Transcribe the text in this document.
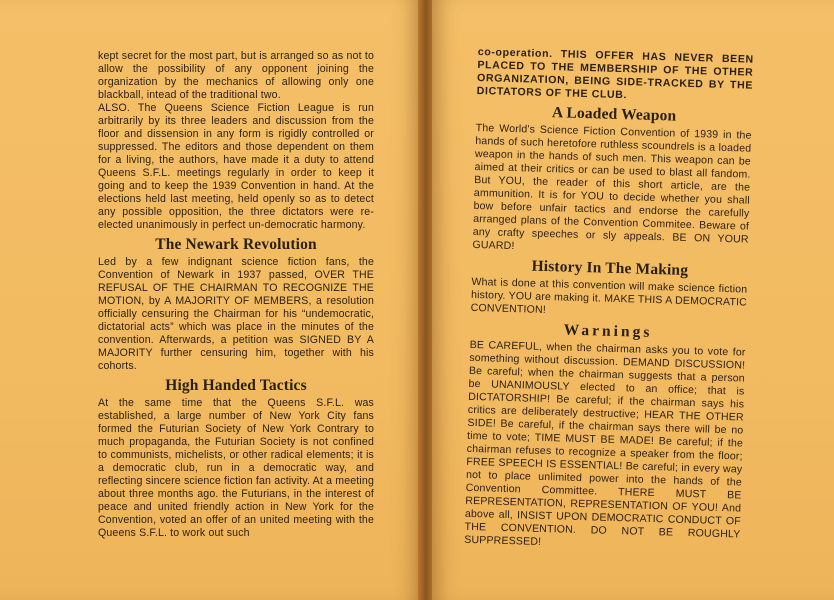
kept secret for the most part, but is arranged so as not to allow the possibility of any opponent joining the organization by the mechanics of allowing only one blackball, intead of the traditional two.

ALSO. The Queens Science Fiction League is run arbitrarily by its three leaders and discussion from the floor and dissension in any form is rigidly controlled or suppressed. The editors and those dependent on them for a living, the authors, have made it a duty to attend Queens S.F.L. meetings regularly in order to keep it going and to keep the 1939 Convention in hand. At the elections held last meeting, held openly so as to detect any possible opposition, the three dictators were re-elected unanimously in perfect un-democratic harmony.

The Newark Revolution

Led by a few indignant science fiction fans, the Convention of Newark in 1937 passed, OVER THE REFUSAL OF THE CHAIRMAN TO RECOGNIZE THE MOTION, by A MAJORITY OF MEMBERS, a resolution officially censuring the Chairman for his “undemocratic, dictatorial acts” which was place in the minutes of the convention. Afterwards, a petition was SIGNED BY A MAJORITY further censuring him, together with his cohorts.

High Handed Tactics

At the same time that the Queens S.F.L. was established, a large number of New York City fans formed the Futurian Society of New York Contrary to much propaganda, the Futurian Society is not confined to communists, michelists, or other radical elements; it is a democratic club, run in a democratic way, and reflecting sincere science fiction fan activity. At a meeting about three months ago. the Futurians, in the interest of peace and united friendly action in New York for the Convention, voted an offer of an united meeting with the Queens S.F.L. to work out such

co-operation. THIS OFFER HAS NEVER BEEN PLACED TO THE MEMBERSHIP OF THE OTHER ORGANIZATION, BEING SIDE-TRACKED BY THE DICTATORS OF THE CLUB.

A Loaded Weapon

The World's Science Fiction Convention of 1939 in the hands of such heretofore ruthless scoundrels is a loaded weapon in the hands of such men. This weapon can be aimed at their critics or can be used to blast all fandom. But YOU, the reader of this short article, are the ammunition. It is for YOU to decide whether you shall bow before unfair tactics and endorse the carefully arranged plans of the Convention Commitee. Beware of any crafty speeches or sly appeals. BE ON YOUR GUARD!

History In The Making

What is done at this convention will make science fiction history. YOU are making it. MAKE THIS A DEMOCRATIC CONVENTION!

Warnings

BE CAREFUL, when the chairman asks you to vote for something without discussion. DEMAND DISCUSSION! Be careful; when the chairman suggests that a person be UNANIMOUSLY elected to an office; that is DICTATORSHIP! Be careful; if the chairman says his critics are deliberately destructive; HEAR THE OTHER SIDE! Be careful, if the chairman says there will be no time to vote; TIME MUST BE MADE! Be careful; if the chairman refuses to recognize a speaker from the floor; FREE SPEECH IS ESSENTIAL! Be careful; in every way not to place unlimited power into the hands of the Convention Committee. THERE MUST BE REPRESENTATION, REPRESENTATION OF YOU! And above all, INSIST UPON DEMOCRATIC CONDUCT OF THE CONVENTION. DO NOT BE ROUGHLY SUPPRESSED!
